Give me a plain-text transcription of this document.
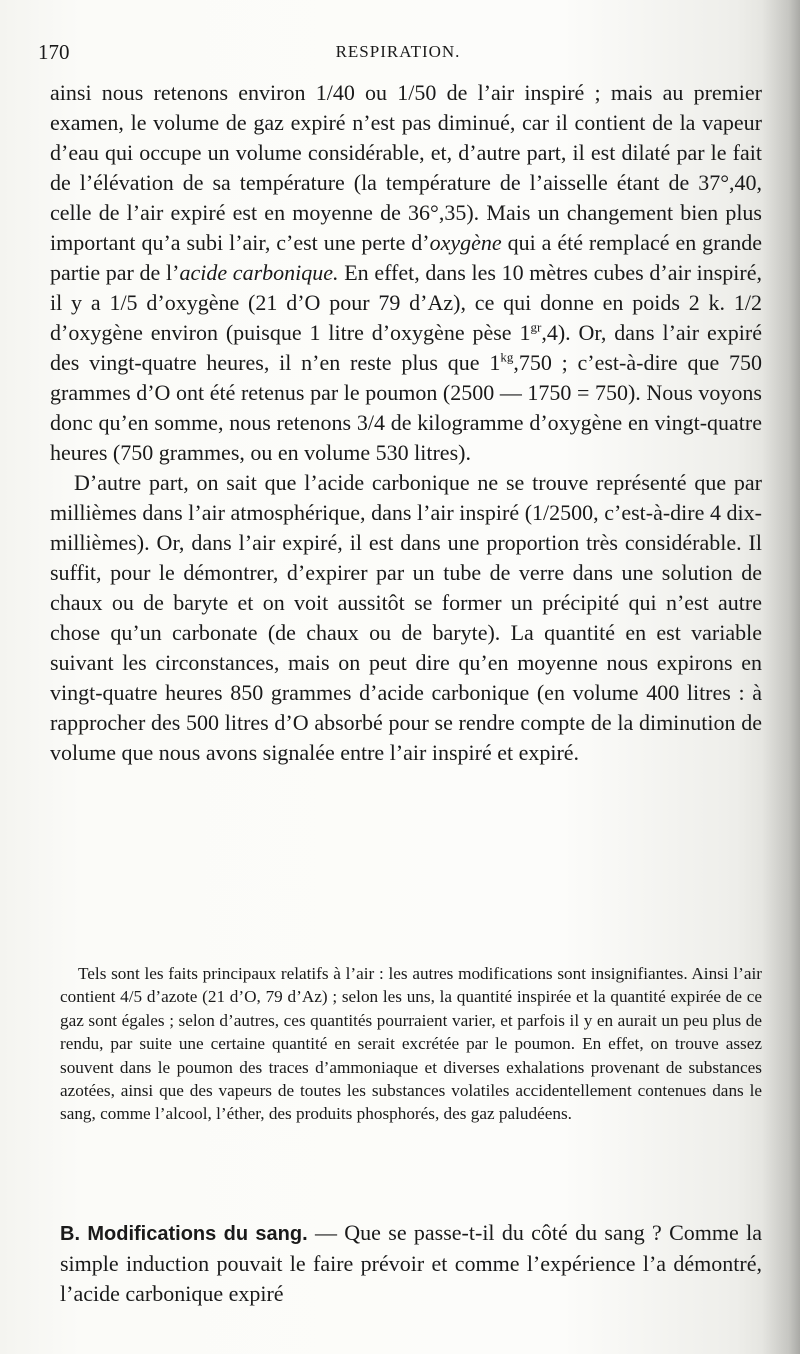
170	RESPIRATION.

ainsi nous retenons environ 1/40 ou 1/50 de l’air inspiré ; mais au premier examen, le volume de gaz expiré n’est pas diminué, car il contient de la vapeur d’eau qui occupe un volume considérable, et, d’autre part, il est dilaté par le fait de l’élévation de sa température (la température de l’aisselle étant de 37°,40, celle de l’air expiré est en moyenne de 36°,35). Mais un changement bien plus important qu’a subi l’air, c’est une perte d’oxygène qui a été remplacé en grande partie par de l’acide carbonique. En effet, dans les 10 mètres cubes d’air inspiré, il y a 1/5 d’oxygène (21 d’O pour 79 d’Az), ce qui donne en poids 2 k. 1/2 d’oxygène environ (puisque 1 litre d’oxygène pèse $1^{gr},4$). Or, dans l’air expiré des vingt-quatre heures, il n’en reste plus que $1^{kg},750$ ; c’est-à-dire que 750 grammes d’O ont été retenus par le poumon (2500 — 1750 = 750). Nous voyons donc qu’en somme, nous retenons 3/4 de kilogramme d’oxygène en vingt-quatre heures (750 grammes, ou en volume 530 litres).

D’autre part, on sait que l’acide carbonique ne se trouve représenté que par millièmes dans l’air atmosphérique, dans l’air inspiré (1/2500, c’est-à-dire 4 dix-millièmes). Or, dans l’air expiré, il est dans une proportion très considérable. Il suffit, pour le démontrer, d’expirer par un tube de verre dans une solution de chaux ou de baryte et on voit aussitôt se former un précipité qui n’est autre chose qu’un carbonate (de chaux ou de baryte). La quantité en est variable suivant les circonstances, mais on peut dire qu’en moyenne nous expirons en vingt-quatre heures 850 grammes d’acide carbonique (en volume 400 litres : à rapprocher des 500 litres d’O absorbé pour se rendre compte de la diminution de volume que nous avons signalée entre l’air inspiré et expiré.

Tels sont les faits principaux relatifs à l’air : les autres modifications sont insignifiantes. Ainsi l’air contient 4/5 d’azote (21 d’O, 79 d’Az) ; selon les uns, la quantité inspirée et la quantité expirée de ce gaz sont égales ; selon d’autres, ces quantités pourraient varier, et parfois il y en aurait un peu plus de rendu, par suite une certaine quantité en serait excrétée par le poumon. En effet, on trouve assez souvent dans le poumon des traces d’ammoniaque et diverses exhalations provenant de substances azotées, ainsi que des vapeurs de toutes les substances volatiles accidentellement contenues dans le sang, comme l’alcool, l’éther, des produits phosphorés, des gaz paludéens.

B. Modifications du sang. — Que se passe-t-il du côté du sang ? Comme la simple induction pouvait le faire prévoir et comme l’expérience l’a démontré, l’acide carbonique expiré
